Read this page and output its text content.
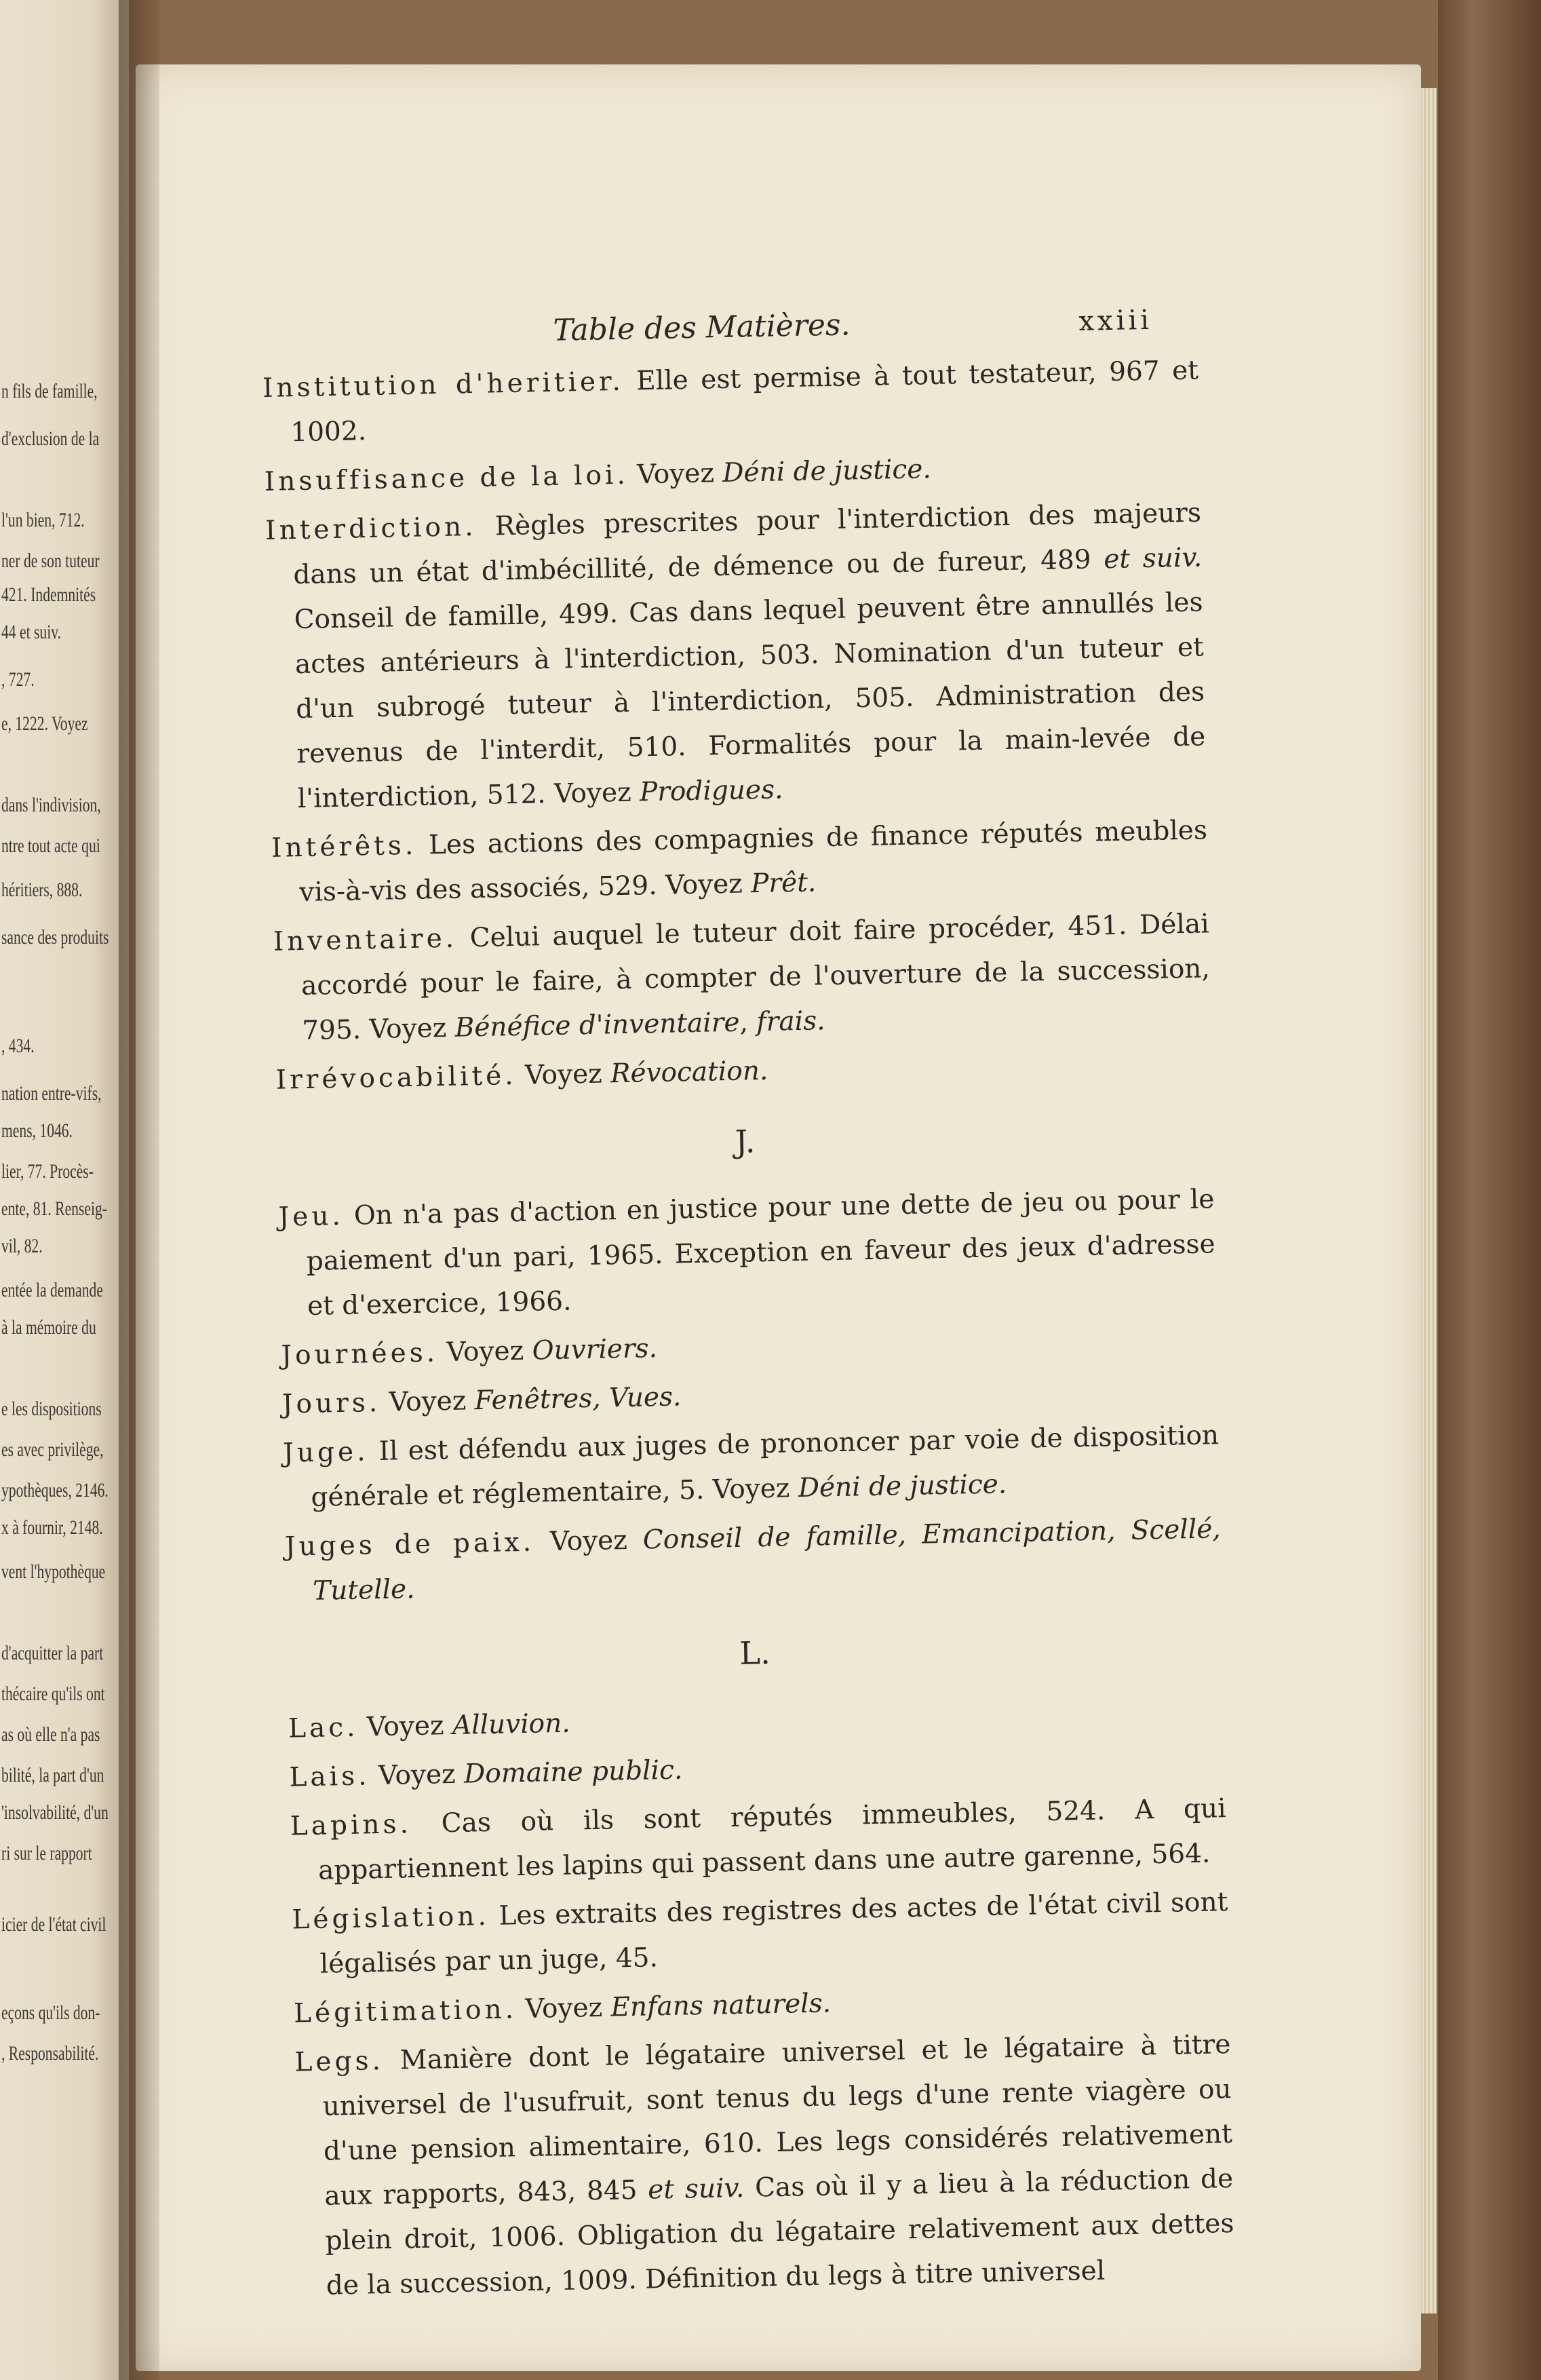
n fils de famille,
d'exclusion de la
l'un bien, 712.
ner de son tuteur
421. Indemnités
44 et suiv.
, 727.
e, 1222. Voyez
dans l'indivision,
ntre tout acte qui
héritiers, 888.
sance des produits
, 434.
nation entre-vifs,
mens, 1046.
lier, 77. Procès-
ente, 81. Renseig-
vil, 82.
entée la demande
à la mémoire du
e les dispositions
es avec privilège,
ypothèques, 2146.
x à fournir, 2148.
vent l'hypothèque
d'acquitter la part
thécaire qu'ils ont
as où elle n'a pas
bilité, la part d'un
'insolvabilité, d'un
ri sur le rapport
icier de l'état civil
eçons qu'ils don-
, Responsabilité.
Table des Matières.	xxiii
Institution d'heritier. Elle est permise à tout testateur, 967 et 1002.
Insuffisance de la loi. Voyez Déni de justice.
Interdiction. Règles prescrites pour l'interdiction des majeurs dans un état d'imbécillité, de démence ou de fureur, 489 et suiv. Conseil de famille, 499. Cas dans lequel peuvent être annullés les actes antérieurs à l'interdiction, 503. Nomination d'un tuteur et d'un subrogé tuteur à l'interdiction, 505. Administration des revenus de l'interdit, 510. Formalités pour la main-levée de l'interdiction, 512. Voyez Prodigues.
Intérêts. Les actions des compagnies de finance réputés meubles vis-à-vis des associés, 529. Voyez Prêt.
Inventaire. Celui auquel le tuteur doit faire procéder, 451. Délai accordé pour le faire, à compter de l'ouverture de la succession, 795. Voyez Bénéfice d'inventaire, frais.
Irrévocabilité. Voyez Révocation.
J.
Jeu. On n'a pas d'action en justice pour une dette de jeu ou pour le paiement d'un pari, 1965. Exception en faveur des jeux d'adresse et d'exercice, 1966.
Journées. Voyez Ouvriers.
Jours. Voyez Fenêtres, Vues.
Juge. Il est défendu aux juges de prononcer par voie de disposition générale et réglementaire, 5. Voyez Déni de justice.
Juges de paix. Voyez Conseil de famille, Emancipation, Scellé, Tutelle.
L.
Lac. Voyez Alluvion.
Lais. Voyez Domaine public.
Lapins. Cas où ils sont réputés immeubles, 524. A qui appartiennent les lapins qui passent dans une autre garenne, 564.
Législation. Les extraits des registres des actes de l'état civil sont légalisés par un juge, 45.
Légitimation. Voyez Enfans naturels.
Legs. Manière dont le légataire universel et le légataire à titre universel de l'usufruit, sont tenus du legs d'une rente viagère ou d'une pension alimentaire, 610. Les legs considérés relativement aux rapports, 843, 845 et suiv. Cas où il y a lieu à la réduction de plein droit, 1006. Obligation du légataire relativement aux dettes de la succession, 1009. Définition du legs à titre universel
